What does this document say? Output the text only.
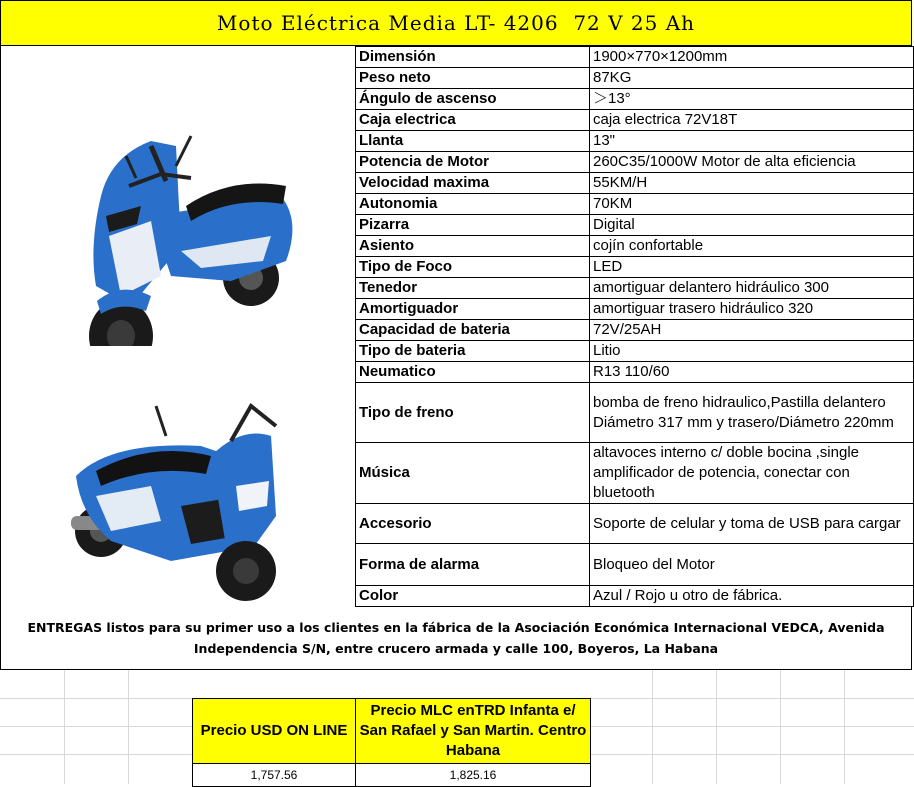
Moto Eléctrica Media LT- 4206  72 V 25 Ah
Dimensión	1900×770×1200mm
Peso neto	87KG
Ángulo de ascenso	＞13°
Caja electrica	caja electrica 72V18T
Llanta	13"
Potencia de Motor	260C35/1000W Motor de alta eficiencia
Velocidad maxima	55KM/H
Autonomia	70KM
Pizarra	Digital
Asiento	cojín confortable
Tipo de Foco	LED
Tenedor	amortiguar delantero hidráulico 300
Amortiguador	amortiguar trasero hidráulico 320
Capacidad de bateria	72V/25AH
Tipo de bateria	Litio
Neumatico	R13 110/60
Tipo de freno	bomba de freno hidraulico,Pastilla delantero Diámetro 317 mm y trasero/Diámetro 220mm
Música	altavoces interno c/ doble bocina ,single amplificador de potencia, conectar con bluetooth
Accesorio	Soporte de celular y toma de USB para cargar
Forma de alarma	Bloqueo del Motor
Color	Azul / Rojo u otro de fábrica.
ENTREGAS listos para su primer uso a los clientes en la fábrica de la Asociación Económica Internacional VEDCA, Avenida Independencia S/N, entre crucero armada y calle 100, Boyeros, La Habana
Precio USD ON LINE	Precio MLC enTRD Infanta e/ San Rafael y San Martin. Centro Habana
1,757.56	1,825.16
